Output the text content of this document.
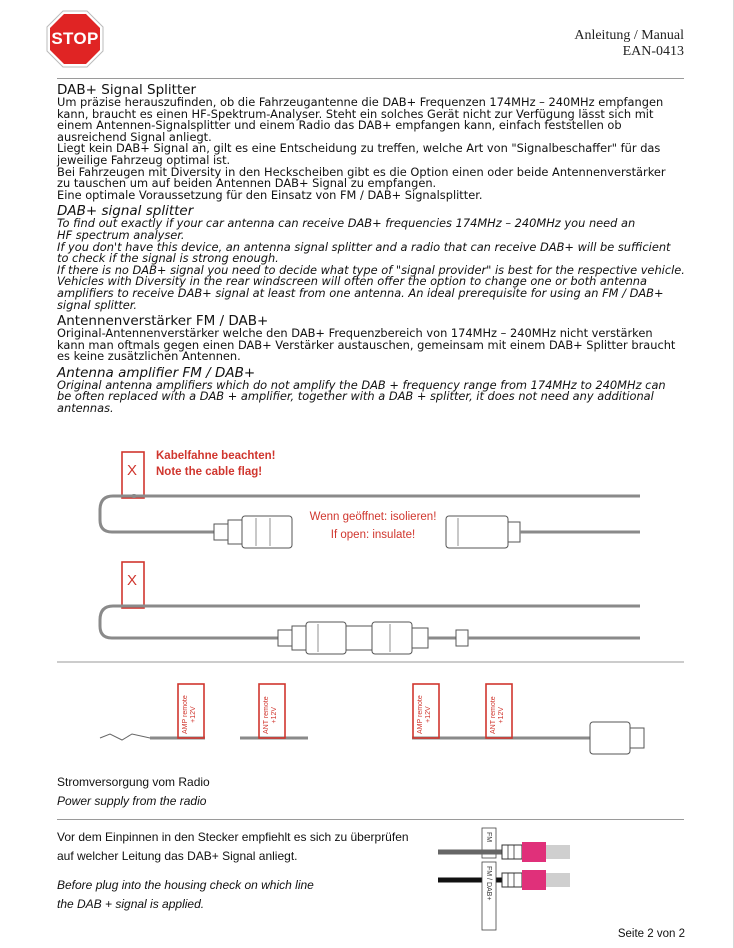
STOP	Anleitung / Manual
EAN-0413
DAB+ Signal Splitter

Um präzise herauszufinden, ob die Fahrzeugantenne die DAB+ Frequenzen 174MHz – 240MHz empfangen

kann, braucht es einen HF-Spektrum-Analyser. Steht ein solches Gerät nicht zur Verfügung lässt sich mit

einem Antennen-Signalsplitter und einem Radio das DAB+ empfangen kann, einfach feststellen ob

ausreichend Signal anliegt.

Liegt kein DAB+ Signal an, gilt es eine Entscheidung zu treffen, welche Art von "Signalbeschaffer" für das

jeweilige Fahrzeug optimal ist.

Bei Fahrzeugen mit Diversity in den Heckscheiben gibt es die Option einen oder beide Antennenverstärker

zu tauschen um auf beiden Antennen DAB+ Signal zu empfangen.

Eine optimale Voraussetzung für den Einsatz von FM / DAB+ Signalsplitter.

DAB+ signal splitter

To find out exactly if your car antenna can receive DAB+ frequencies 174MHz – 240MHz you need an

HF spectrum analyser.

If you don't have this device, an antenna signal splitter and a radio that can receive DAB+ will be sufficient

to check if the signal is strong enough.

If there is no DAB+ signal you need to decide what type of "signal provider" is best for the respective vehicle.

Vehicles with Diversity in the rear windscreen will often offer the option to change one or both antenna

amplifiers to receive DAB+ signal at least from one antenna. An ideal prerequisite for using an FM / DAB+

signal splitter.

Antennenverstärker FM / DAB+

Original-Antennenverstärker welche den DAB+ Frequenzbereich von 174MHz – 240MHz nicht verstärken

kann man oftmals gegen einen DAB+ Verstärker austauschen, gemeinsam mit einem DAB+ Splitter braucht

es keine zusätzlichen Antennen.

Antenna amplifier FM / DAB+

Original antenna amplifiers which do not amplify the DAB + frequency range from 174MHz to 240MHz can

be often replaced with a DAB + amplifier, together with a DAB + splitter, it does not need any additional

antennas.

X
X
Kabelfahne beachten!
Note the cable flag!
Wenn geöffnet: isolieren!
If open: insulate!
AMP remote
+12V	ANT remote
+12V	AMP remote
+12V	ANT remote
+12V
Stromversorgung vom Radio
Power supply from the radio
Vor dem Einpinnen in den Stecker empfiehlt es sich zu überprüfen
auf welcher Leitung das DAB+ Signal anliegt.
Before plug into the housing check on which line
the DAB + signal is applied.
FM
FM / DAB+
Seite 2 von 2
